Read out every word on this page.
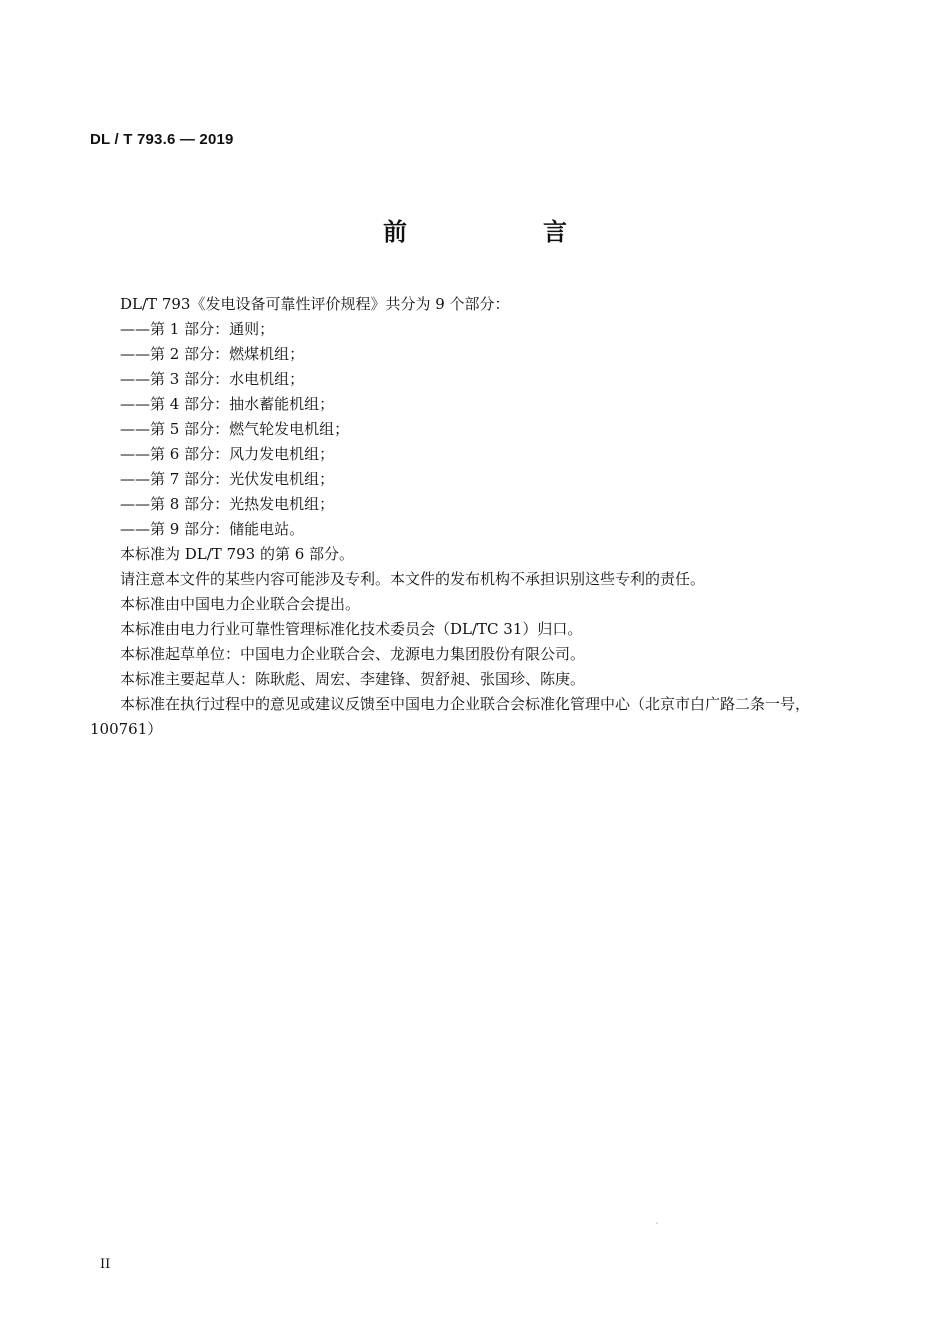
DL / T 793.6 — 2019
前　言

DL/T 793《发电设备可靠性评价规程》共分为 9 个部分：

——第 1 部分：通则；

——第 2 部分：燃煤机组；

——第 3 部分：水电机组；

——第 4 部分：抽水蓄能机组；

——第 5 部分：燃气轮发电机组；

——第 6 部分：风力发电机组；

——第 7 部分：光伏发电机组；

——第 8 部分：光热发电机组；

——第 9 部分：储能电站。

本标准为 DL/T 793 的第 6 部分。

请注意本文件的某些内容可能涉及专利。本文件的发布机构不承担识别这些专利的责任。

本标准由中国电力企业联合会提出。

本标准由电力行业可靠性管理标准化技术委员会（DL/TC 31）归口。

本标准起草单位：中国电力企业联合会、龙源电力集团股份有限公司。

本标准主要起草人：陈耿彪、周宏、李建锋、贺舒昶、张国珍、陈庚。

本标准在执行过程中的意见或建议反馈至中国电力企业联合会标准化管理中心（北京市白广路二条一号，100761）

II
